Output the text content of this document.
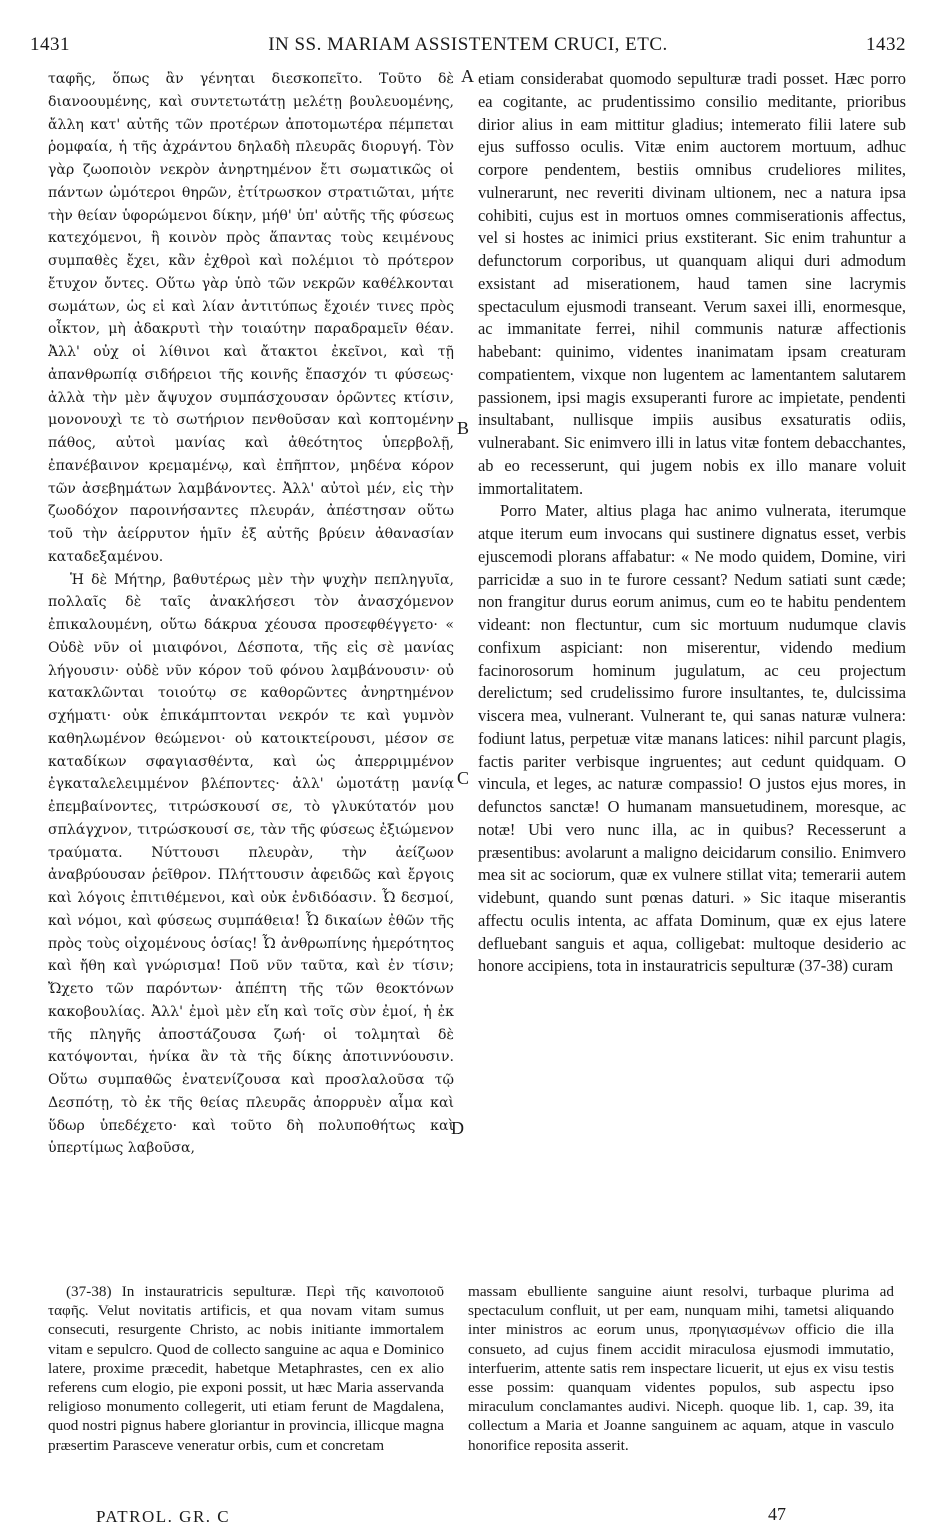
1431	IN SS. MARIAM ASSISTENTEM CRUCI, ETC.	1432

ταφῆς, ὅπως ἂν γένηται διεσκοπεῖτο. Τοῦτο δὲ διανοουμένης, καὶ συντετωτάτῃ μελέτῃ βουλευομένης, ἄλλη κατ' αὐτῆς τῶν προτέρων ἀποτομωτέρα πέμπεται ῥομφαία, ἡ τῆς ἀχράντου δηλαδὴ πλευρᾶς διορυγή. Τὸν γὰρ ζωοποιὸν νεκρὸν ἀνηρτημένον ἔτι σωματικῶς οἱ πάντων ὠμότεροι θηρῶν, ἐτίτρωσκον στρατιῶται, μήτε τὴν θείαν ὑφορώμενοι δίκην, μήθ' ὑπ' αὐτῆς τῆς φύσεως κατεχόμενοι, ἣ κοινὸν πρὸς ἅπαντας τοὺς κειμένους συμπαθὲς ἔχει, κἂν ἐχθροὶ καὶ πολέμιοι τὸ πρότερον ἔτυχον ὄντες. Οὕτω γὰρ ὑπὸ τῶν νεκρῶν καθέλκονται σωμάτων, ὡς εἰ καὶ λίαν ἀντιτύπως ἔχοιέν τινες πρὸς οἶκτον, μὴ ἀδακρυτὶ τὴν τοιαύτην παραδραμεῖν θέαν. Ἀλλ' οὐχ οἱ λίθινοι καὶ ἄτακτοι ἐκεῖνοι, καὶ τῇ ἀπανθρωπίᾳ σιδήρειοι τῆς κοινῆς ἔπασχόν τι φύσεως· ἀλλὰ τὴν μὲν ἄψυχον συμπάσχουσαν ὁρῶντες κτίσιν, μονονουχὶ τε τὸ σωτήριον πενθοῦσαν καὶ κοπτομένην πάθος, αὐτοὶ μανίας καὶ ἀθεότητος ὑπερβολῇ, ἐπανέβαινον κρεμαμένῳ, καὶ ἐπῆπτον, μηδένα κόρον τῶν ἀσεβημάτων λαμβάνοντες. Ἀλλ' αὐτοὶ μέν, εἰς τὴν ζωοδόχον παροινήσαντες πλευράν, ἀπέστησαν οὕτω τοῦ τὴν ἀείρρυτον ἡμῖν ἐξ αὐτῆς βρύειν ἀθανασίαν καταδεξαμένου.

Ἡ δὲ Μήτηρ, βαθυτέρως μὲν τὴν ψυχὴν πεπληγυῖα, πολλαῖς δὲ ταῖς ἀνακλήσεσι τὸν ἀνασχόμενον ἐπικαλουμένη, οὕτω δάκρυα χέουσα προσεφθέγγετο· « Οὐδὲ νῦν οἱ μιαιφόνοι, Δέσποτα, τῆς εἰς σὲ μανίας λήγουσιν· οὐδὲ νῦν κόρον τοῦ φόνου λαμβάνουσιν· οὐ κατακλῶνται τοιούτῳ σε καθορῶντες ἀνηρτημένον σχήματι· οὐκ ἐπικάμπτονται νεκρόν τε καὶ γυμνὸν καθηλωμένον θεώμενοι· οὐ κατοικτείρουσι, μέσον σε καταδίκων σφαγιασθέντα, καὶ ὡς ἀπερριμμένον ἐγκαταλελειμμένον βλέποντες· ἀλλ' ὠμοτάτῃ μανίᾳ ἐπεμβαίνοντες, τιτρώσκουσί σε, τὸ γλυκύτατόν μου σπλάγχνον, τιτρώσκουσί σε, τὰν τῆς φύσεως ἐξιώμενον τραύματα. Νύττουσι πλευρὰν, τὴν ἀείζωον ἀναβρύουσαν ῥεῖθρον. Πλήττουσιν ἀφειδῶς καὶ ἔργοις καὶ λόγοις ἐπιτιθέμενοι, καὶ οὐκ ἐνδιδόασιν. Ὦ δεσμοί, καὶ νόμοι, καὶ φύσεως συμπάθεια! Ὦ δικαίων ἐθῶν τῆς πρὸς τοὺς οἰχομένους ὁσίας! Ὦ ἀνθρωπίνης ἡμερότητος καὶ ἤθη καὶ γνώρισμα! Ποῦ νῦν ταῦτα, καὶ ἐν τίσιν; Ὤχετο τῶν παρόντων· ἀπέπτη τῆς τῶν θεοκτόνων κακοβουλίας. Ἀλλ' ἐμοὶ μὲν εἴη καὶ τοῖς σὺν ἐμοί, ἡ ἐκ τῆς πληγῆς ἀποστάζουσα ζωή· οἱ τολμηταὶ δὲ κατόψονται, ἡνίκα ἂν τὰ τῆς δίκης ἀποτιννύουσιν. Οὕτω συμπαθῶς ἐνατενίζουσα καὶ προσλαλοῦσα τῷ Δεσπότῃ, τὸ ἐκ τῆς θείας πλευρᾶς ἀπορρυὲν αἷμα καὶ ὕδωρ ὑπεδέχετο· καὶ τοῦτο δὴ πολυποθήτως καὶ ὑπερτίμως λαβοῦσα,

A
B
C
D

etiam considerabat quomodo sepulturæ tradi posset. Hæc porro ea cogitante, ac prudentissimo consilio meditante, prioribus dirior alius in eam mittitur gladius; intemerato filii latere sub ejus suffosso oculis. Vitæ enim auctorem mortuum, adhuc corpore pendentem, bestiis omnibus crudeliores milites, vulnerarunt, nec reveriti divinam ultionem, nec a natura ipsa cohibiti, cujus est in mortuos omnes commiserationis affectus, vel si hostes ac inimici prius exstiterant. Sic enim trahuntur a defunctorum corporibus, ut quanquam aliqui duri admodum exsistant ad miserationem, haud tamen sine lacrymis spectaculum ejusmodi transeant. Verum saxei illi, enormesque, ac immanitate ferrei, nihil communis naturæ affectionis habebant: quinimo, videntes inanimatam ipsam creaturam compatientem, vixque non lugentem ac lamentantem salutarem passionem, ipsi magis exsuperanti furore ac impietate, pendenti insultabant, nullisque impiis ausibus exsaturatis odiis, vulnerabant. Sic enimvero illi in latus vitæ fontem debacchantes, ab eo recesserunt, qui jugem nobis ex illo manare voluit immortalitatem.

Porro Mater, altius plaga hac animo vulnerata, iterumque atque iterum eum invocans qui sustinere dignatus esset, verbis ejuscemodi plorans affabatur: « Ne modo quidem, Domine, viri parricidæ a suo in te furore cessant? Nedum satiati sunt cæde; non frangitur durus eorum animus, cum eo te habitu pendentem videant: non flectuntur, cum sic mortuum nudumque clavis confixum aspiciant: non miserentur, videndo medium facinorosorum hominum jugulatum, ac ceu projectum derelictum; sed crudelissimo furore insultantes, te, dulcissima viscera mea, vulnerant. Vulnerant te, qui sanas naturæ vulnera: fodiunt latus, perpetuæ vitæ manans latices: nihil parcunt plagis, factis pariter verbisque ingruentes; aut cedunt quidquam. O vincula, et leges, ac naturæ compassio! O justos ejus mores, in defunctos sanctæ! O humanam mansuetudinem, moresque, ac notæ! Ubi vero nunc illa, ac in quibus? Recesserunt a præsentibus: avolarunt a maligno deicidarum consilio. Enimvero mea sit ac sociorum, quæ ex vulnere stillat vita; temerarii autem videbunt, quando sunt pœnas daturi. » Sic itaque miserantis affectu oculis intenta, ac affata Dominum, quæ ex ejus latere defluebant sanguis et aqua, colligebat: multoque desiderio ac honore accipiens, tota in instauratricis sepulturæ (37-38) curam

(37-38) In instauratricis sepulturæ. Περὶ τῆς καινοποιοῦ ταφῆς. Velut novitatis artificis, et qua novam vitam sumus consecuti, resurgente Christo, ac nobis initiante immortalem vitam e sepulcro. Quod de collecto sanguine ac aqua e Dominico latere, proxime præcedit, habetque Metaphrastes, cen ex alio referens cum elogio, pie exponi possit, ut hæc Maria asservanda religioso monumento collegerit, uti etiam ferunt de Magdalena, quod nostri pignus habere gloriantur in provincia, illicque magna præsertim Parasceve veneratur orbis, cum et concretam

massam ebulliente sanguine aiunt resolvi, turbaque plurima ad spectaculum confluit, ut per eam, nunquam mihi, tametsi aliquando inter ministros ac eorum unus, προηγιασμένων officio die illa consueto, ad cujus finem accidit miraculosa ejusmodi immutatio, interfuerim, attente satis rem inspectare licuerit, ut ejus ex visu testis esse possim: quanquam videntes populos, sub aspectu ipso miraculum conclamantes audivi. Niceph. quoque lib. 1, cap. 39, ita collectum a Maria et Joanne sanguinem ac aquam, atque in vasculo honorifice reposita asserit.

PATROL. GR. C	47
